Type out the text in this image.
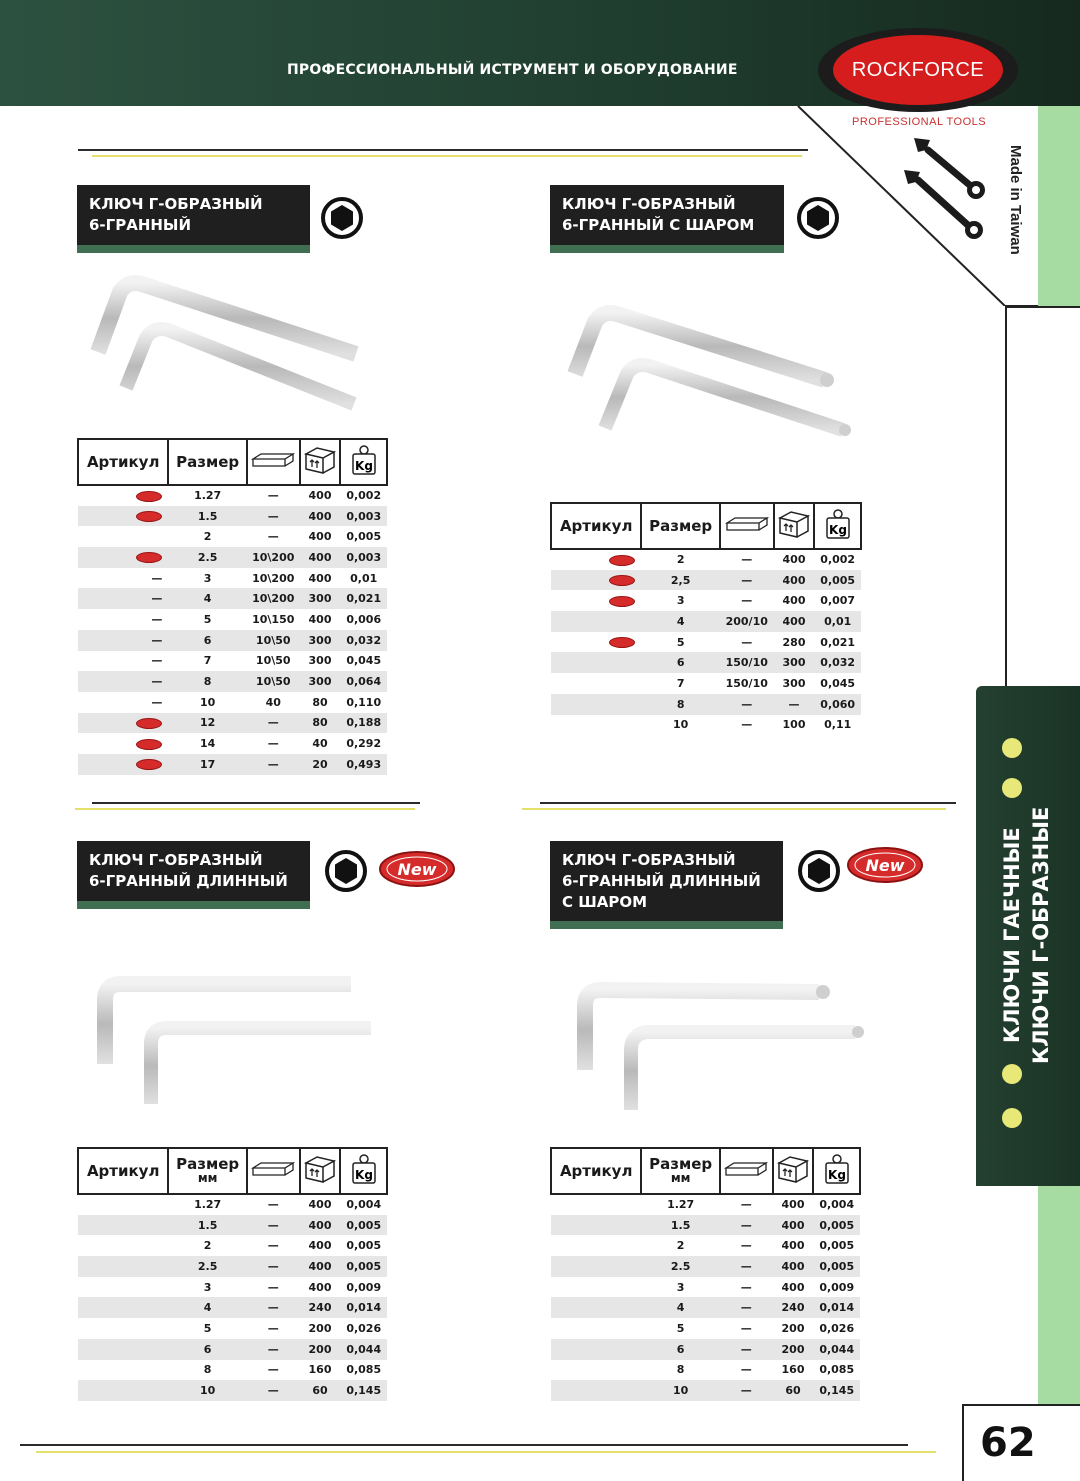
ПРОФЕССИОНАЛЬНЫЙ ИСТРУМЕНТ И ОБОРУДОВАНИЕ	ROCKFORCE
PROFESSIONAL TOOLS
Made in Taiwan
КЛЮЧИ ГАЕЧНЫЕ КЛЮЧИ Г-ОБРАЗНЫЕ
62
КЛЮЧ Г-ОБРАЗНЫЙ
6-ГРАННЫЙ
Артикул	Размер			Kg

	1.27	—	400	0,002
	1.5	—	400	0,003
	2	—	400	0,005
	2.5	10\200	400	0,003
—	3	10\200	400	0,01
—	4	10\200	300	0,021
—	5	10\150	400	0,006
—	6	10\50	300	0,032
—	7	10\50	300	0,045
—	8	10\50	300	0,064
—	10	40	80	0,110
	12	—	80	0,188
	14	—	40	0,292
	17	—	20	0,493
КЛЮЧ Г-ОБРАЗНЫЙ
6-ГРАННЫЙ С ШАРОМ
Артикул	Размер			Kg

	2	—	400	0,002
	2,5	—	400	0,005
	3	—	400	0,007
	4	200/10	400	0,01
	5	—	280	0,021
	6	150/10	300	0,032
	7	150/10	300	0,045
	8	—	—	0,060
	10	—	100	0,11
КЛЮЧ Г-ОБРАЗНЫЙ
6-ГРАННЫЙ ДЛИННЫЙ
New
Артикул	Размер
мм			Kg

	1.27	—	400	0,004
	1.5	—	400	0,005
	2	—	400	0,005
	2.5	—	400	0,005
	3	—	400	0,009
	4	—	240	0,014
	5	—	200	0,026
	6	—	200	0,044
	8	—	160	0,085
	10	—	60	0,145
КЛЮЧ Г-ОБРАЗНЫЙ
6-ГРАННЫЙ ДЛИННЫЙ
С ШАРОМ
New
Артикул	Размер
мм			Kg

	1.27	—	400	0,004
	1.5	—	400	0,005
	2	—	400	0,005
	2.5	—	400	0,005
	3	—	400	0,009
	4	—	240	0,014
	5	—	200	0,026
	6	—	200	0,044
	8	—	160	0,085
	10	—	60	0,145
